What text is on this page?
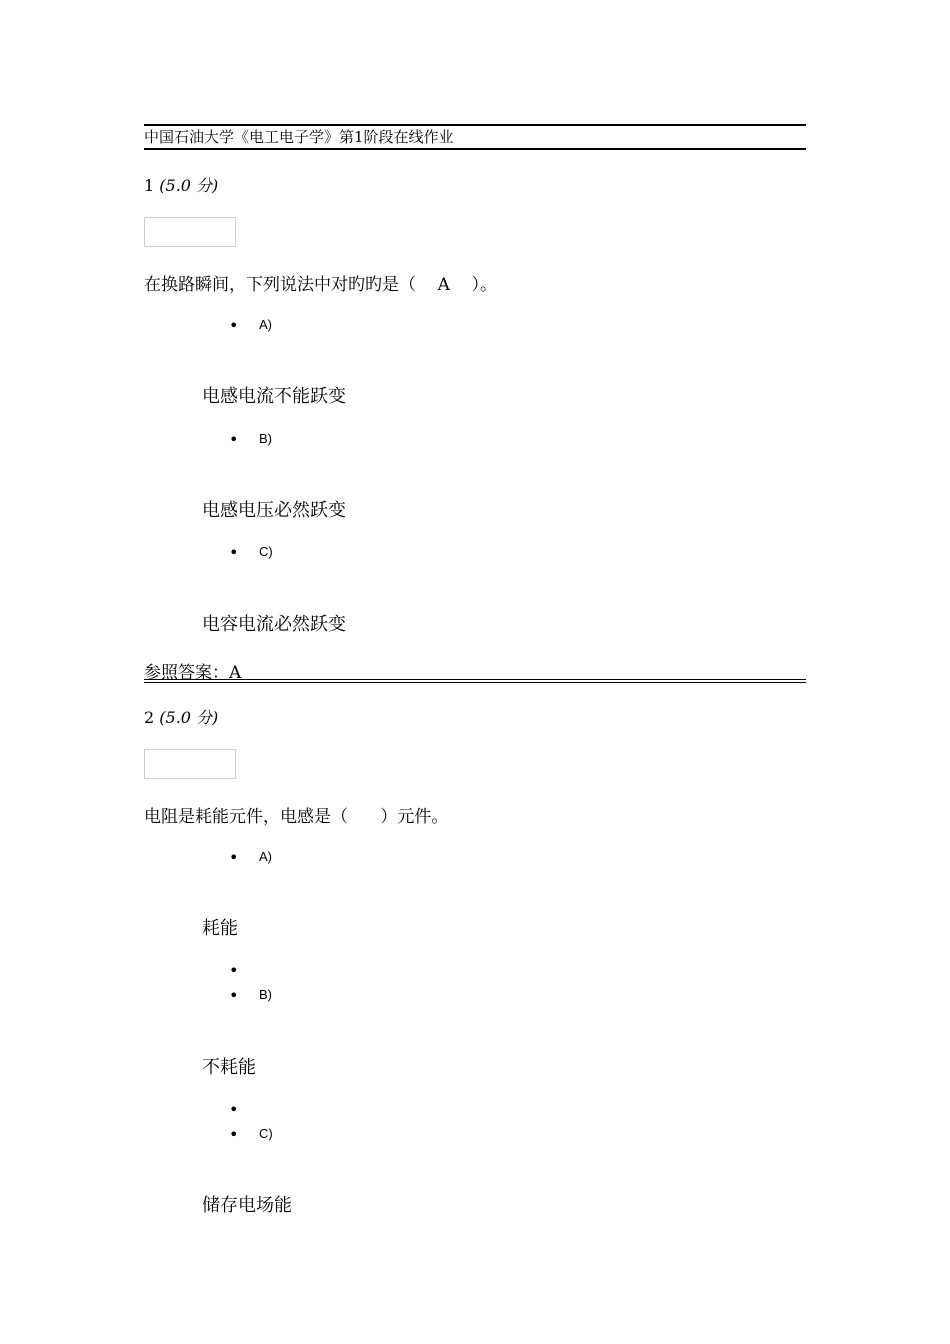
中国石油大学《电工电子学》第1阶段在线作业
1 (5.0 分)
在换路瞬间，下列说法中对旳旳是（    A    ）。
A)
电感电流不能跃变
B)
电感电压必然跃变
C)
电容电流必然跃变
参照答案：A
2 (5.0 分)
电阻是耗能元件，电感是（      ）元件。
A)
耗能
B)
不耗能
C)
储存电场能
